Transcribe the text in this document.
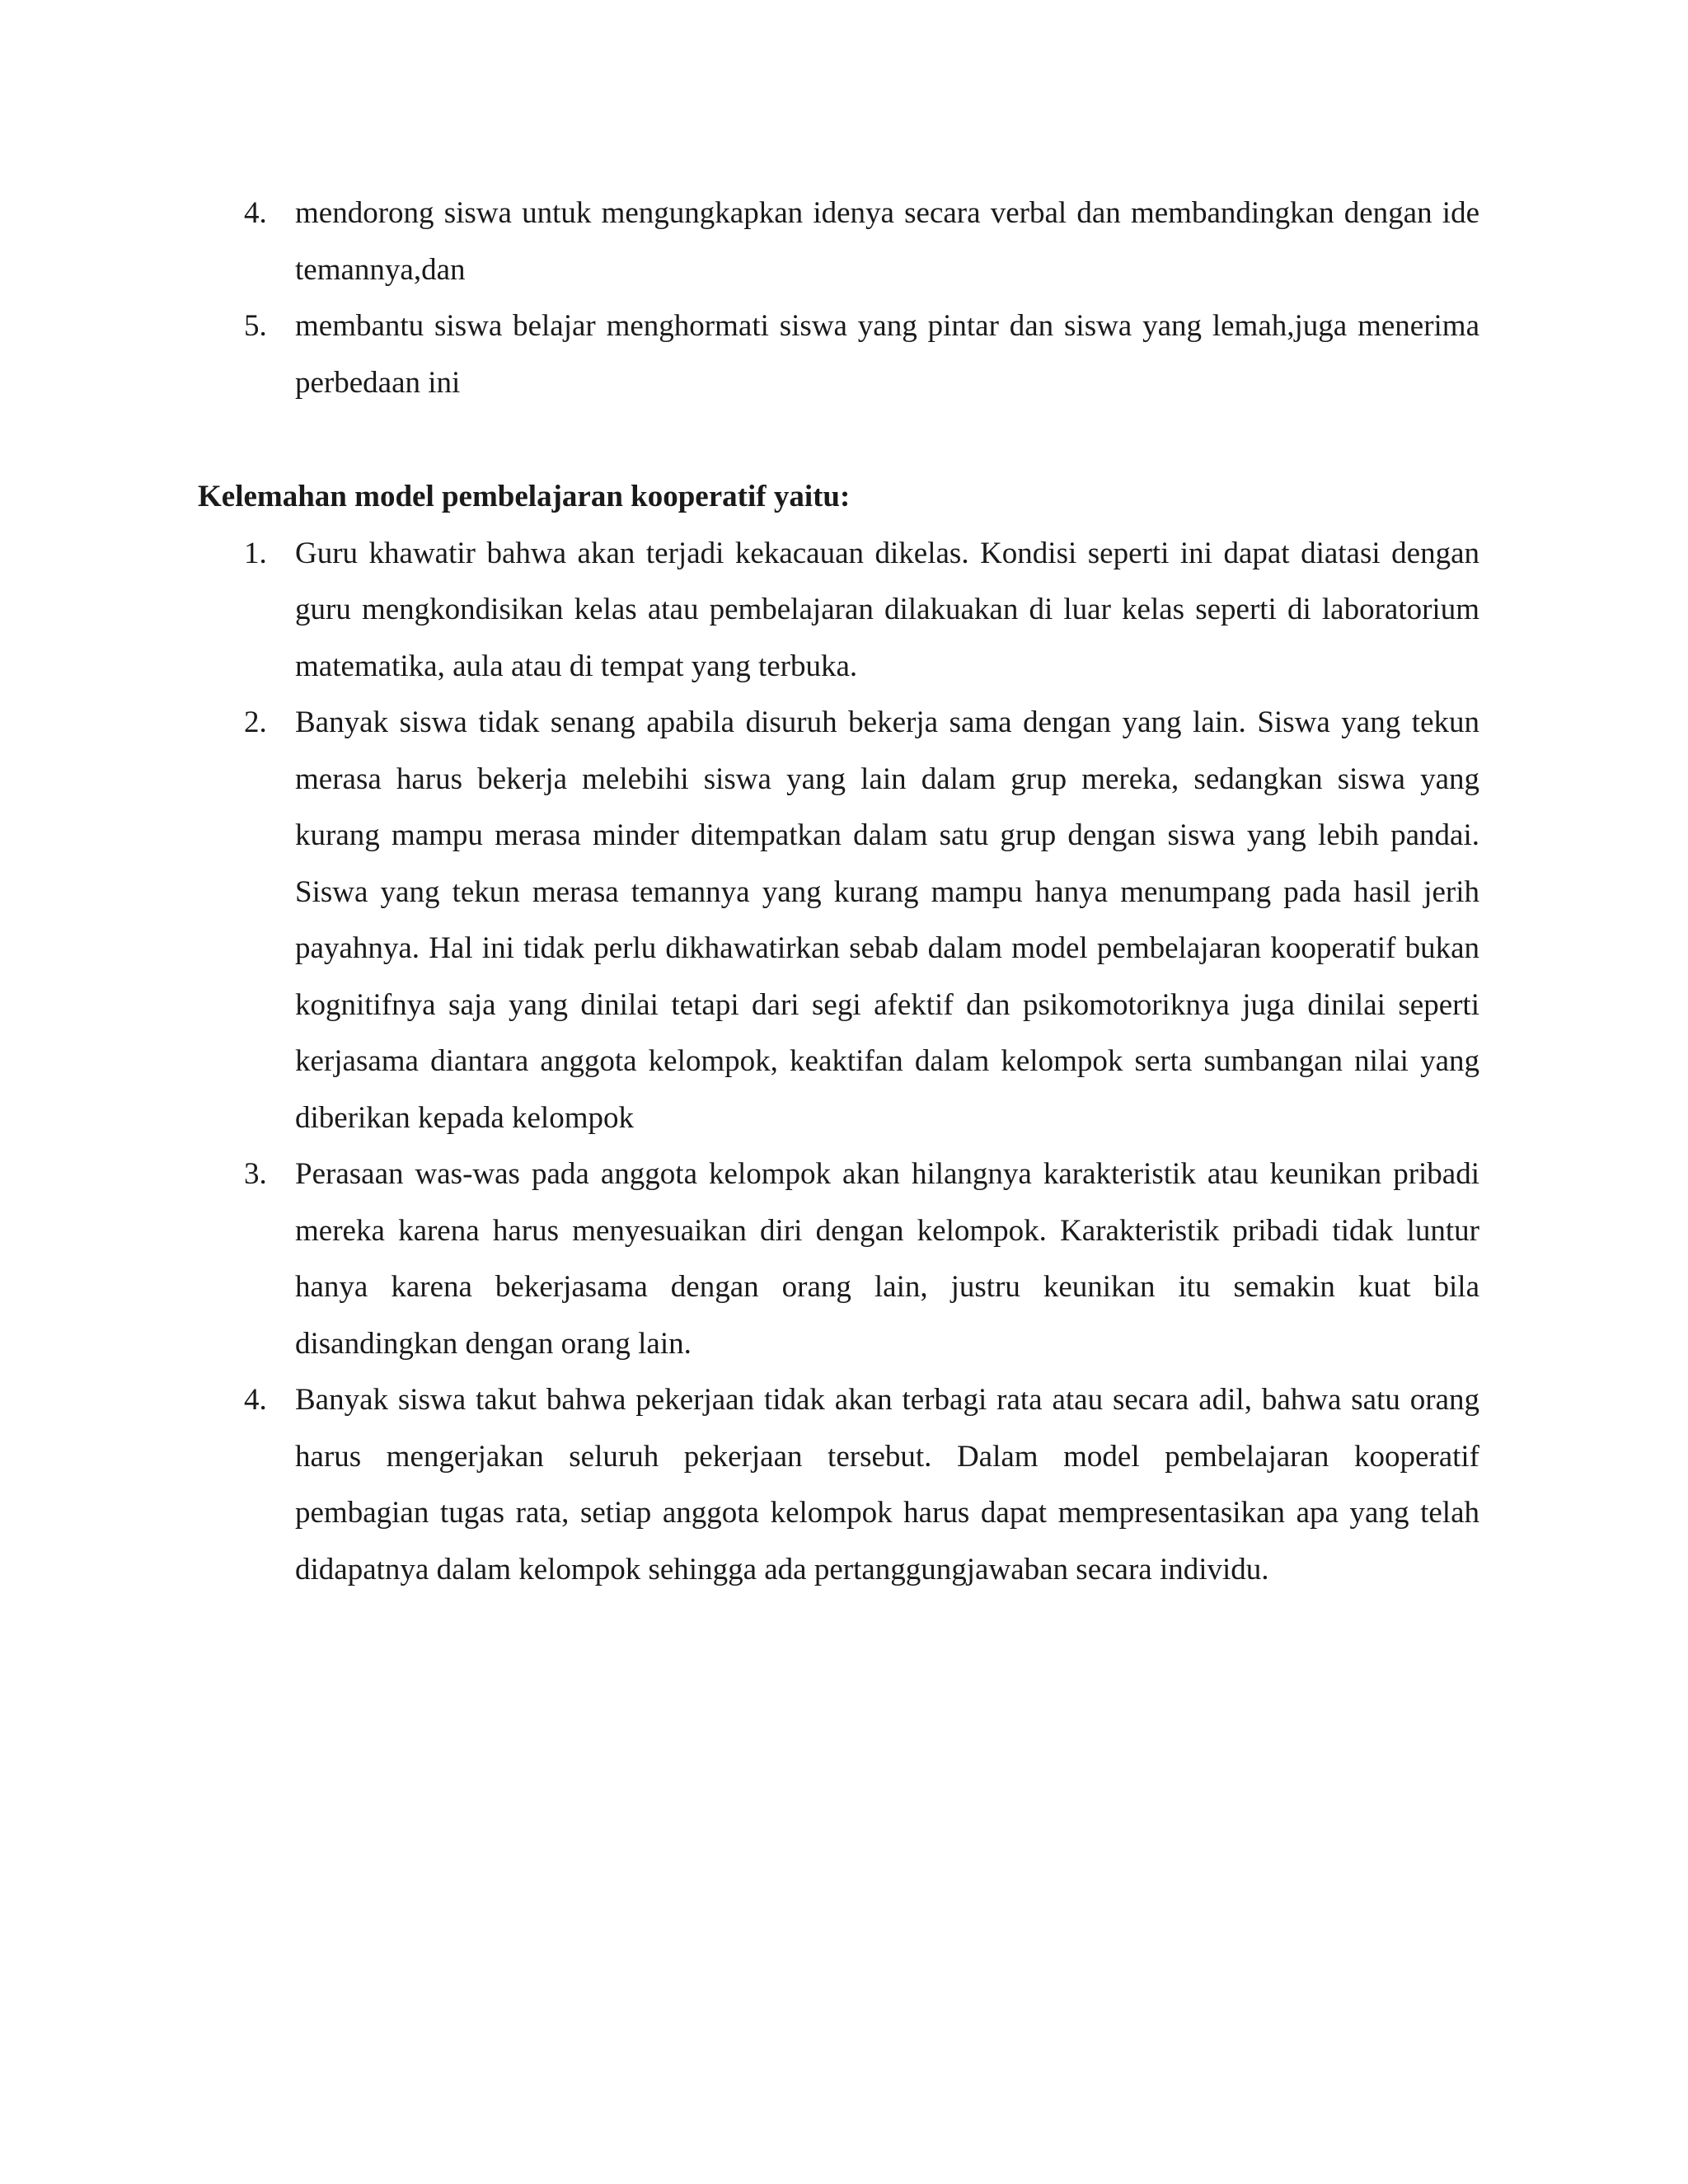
4. mendorong siswa untuk mengungkapkan idenya secara verbal dan membandingkan dengan ide temannya,dan
5. membantu siswa belajar menghormati siswa yang pintar dan siswa yang lemah,juga menerima perbedaan ini

Kelemahan model pembelajaran kooperatif yaitu:

1. Guru khawatir bahwa akan terjadi kekacauan dikelas. Kondisi seperti ini dapat diatasi dengan guru mengkondisikan kelas atau pembelajaran dilakuakan di luar kelas seperti di laboratorium matematika, aula atau di tempat yang terbuka.
2. Banyak siswa tidak senang apabila disuruh bekerja sama dengan yang lain. Siswa yang tekun merasa harus bekerja melebihi siswa yang lain dalam grup mereka, sedangkan siswa yang kurang mampu merasa minder ditempatkan dalam satu grup dengan siswa yang lebih pandai. Siswa yang tekun merasa temannya yang kurang mampu hanya menumpang pada hasil jerih payahnya. Hal ini tidak perlu dikhawatirkan sebab dalam model pembelajaran kooperatif bukan kognitifnya saja yang dinilai tetapi dari segi afektif dan psikomotoriknya juga dinilai seperti kerjasama diantara anggota kelompok, keaktifan dalam kelompok serta sumbangan nilai yang diberikan kepada kelompok
3. Perasaan was-was pada anggota kelompok akan hilangnya karakteristik atau keunikan pribadi mereka karena harus menyesuaikan diri dengan kelompok. Karakteristik pribadi tidak luntur hanya karena bekerjasama dengan orang lain, justru keunikan itu semakin kuat bila disandingkan dengan orang lain.
4. Banyak siswa takut bahwa pekerjaan tidak akan terbagi rata atau secara adil, bahwa satu orang harus mengerjakan seluruh pekerjaan tersebut. Dalam model pembelajaran kooperatif pembagian tugas rata, setiap anggota kelompok harus dapat mempresentasikan apa yang telah didapatnya dalam kelompok sehingga ada pertanggungjawaban secara individu.
